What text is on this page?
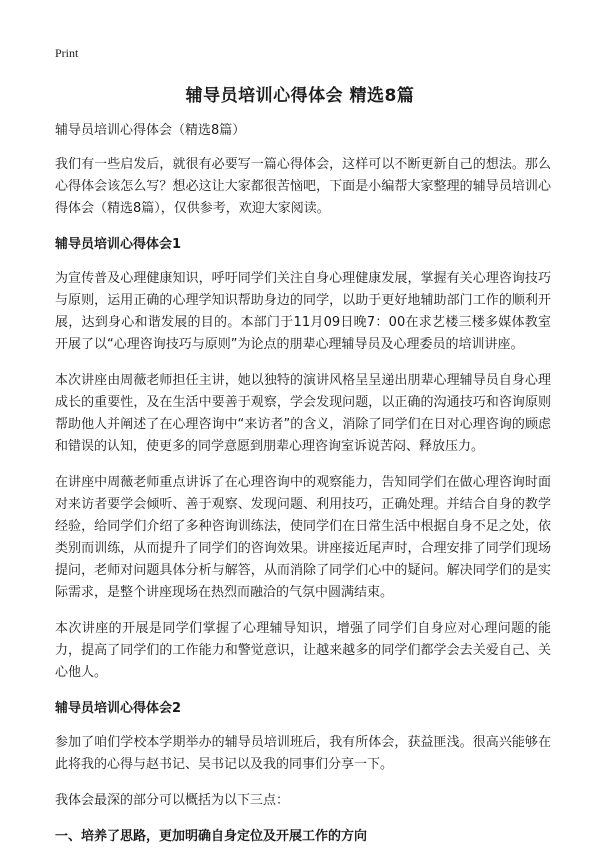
Print
辅导员培训心得体会 精选8篇

辅导员培训心得体会（精选8篇）

我们有一些启发后，就很有必要写一篇心得体会，这样可以不断更新自己的想法。那么心得体会该怎么写？想必这让大家都很苦恼吧，下面是小编帮大家整理的辅导员培训心得体会（精选8篇），仅供参考，欢迎大家阅读。

辅导员培训心得体会1

为宣传普及心理健康知识，呼吁同学们关注自身心理健康发展，掌握有关心理咨询技巧与原则，运用正确的心理学知识帮助身边的同学，以助于更好地辅助部门工作的顺利开展，达到身心和谐发展的目的。本部门于11月09日晚7：00在求艺楼三楼多媒体教室开展了以“心理咨询技巧与原则”为论点的朋辈心理辅导员及心理委员的培训讲座。

本次讲座由周薇老师担任主讲，她以独特的演讲风格呈呈递出朋辈心理辅导员自身心理成长的重要性，及在生活中要善于观察，学会发现问题，以正确的沟通技巧和咨询原则帮助他人并阐述了在心理咨询中“来访者”的含义，消除了同学们在日对心理咨询的顾虑和错误的认知，使更多的同学意愿到朋辈心理咨询室诉说苦闷、释放压力。

在讲座中周薇老师重点讲诉了在心理咨询中的观察能力，告知同学们在做心理咨询时面对来访者要学会倾听、善于观察、发现问题、利用技巧，正确处理。并结合自身的教学经验，给同学们介绍了多种咨询训练法，使同学们在日常生活中根据自身不足之处，依类别而训练，从而提升了同学们的咨询效果。讲座接近尾声时，合理安排了同学们现场提问，老师对问题具体分析与解答，从而消除了同学们心中的疑问。解决同学们的是实际需求，是整个讲座现场在热烈而融洽的气氛中圆满结束。

本次讲座的开展是同学们掌握了心理辅导知识，增强了同学们自身应对心理问题的能力，提高了同学们的工作能力和警觉意识，让越来越多的同学们都学会去关爱自己、关心他人。

辅导员培训心得体会2

参加了咱们学校本学期举办的辅导员培训班后，我有所体会，获益匪浅。很高兴能够在此将我的心得与赵书记、吴书记以及我的同事们分享一下。

我体会最深的部分可以概括为以下三点：

一、培养了思路，更加明确自身定位及开展工作的方向
